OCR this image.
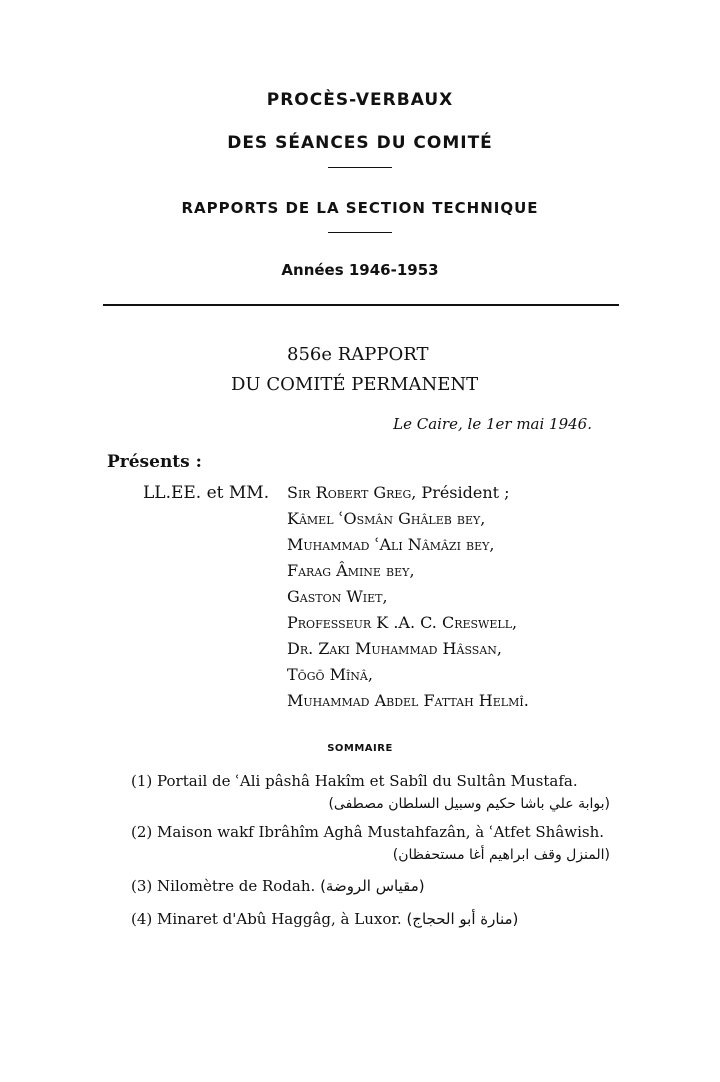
PROCÈS-VERBAUX
DES SÉANCES DU COMITÉ
RAPPORTS DE LA SECTION TECHNIQUE
Années 1946-1953
856e RAPPORT
DU COMITÉ PERMANENT
Le Caire, le 1er mai 1946.
Présents :
LL.EE. et MM. Sir Robert Greg, Président ;
Kâmel ʿOsmân Ghâleb bey,
Muhammad ʿAli Nâmâzi bey,
Farag Âmine bey,
Gaston Wiet,
Professeur K .A. C. Creswell,
Dr. Zaki Muhammad Hâssan,
Tōgō Mînâ,
Muhammad Abdel Fattah Helmî.
SOMMAIRE
(1) Portail de ʿAli pâshâ Hakîm et Sabîl du Sultân Mustafa.
(بوابة علي باشا حكيم وسبيل السلطان مصطفى)
(2) Maison wakf Ibrâhîm Aghâ Mustahfazân, à ʿAtfet Shâwish.
(المنزل وقف ابراهيم أغا مستحفظان)
(3) Nilomètre de Rodah. (مقياس الروضة)
(4) Minaret d'Abû Haggâg, à Luxor. (منارة أبو الحجاج)
